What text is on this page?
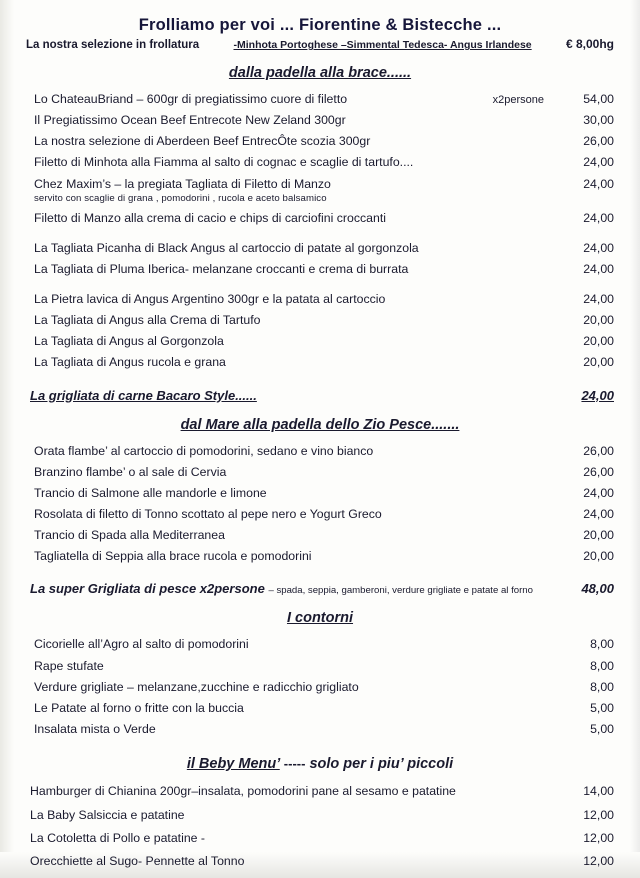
Frolliamo per voi ... Fiorentine & Bistecche ...
La nostra selezione in frollatura	-Minhota Portoghese –Simmental Tedesca- Angus Irlandese	€ 8,00hg
dalla padella alla brace......
Lo ChateauBriand – 600gr di pregiatissimo cuore di filetto	x2persone	54,00
Il Pregiatissimo Ocean Beef Entrecote New Zeland 300gr	30,00
La nostra selezione di Aberdeen Beef EntrecÔte scozia 300gr	26,00
Filetto di Minhota alla Fiamma al salto di cognac e scaglie di tartufo....	24,00
Chez Maxim’s – la pregiata Tagliata di Filetto di Manzo	24,00
servito con scaglie di grana , pomodorini , rucola e aceto balsamico
Filetto di Manzo alla crema di cacio e chips di carciofini croccanti	24,00
La Tagliata Picanha di Black Angus al cartoccio di patate al gorgonzola	24,00
La Tagliata di Pluma Iberica- melanzane croccanti e crema di burrata	24,00
La Pietra lavica di Angus Argentino 300gr e la patata al cartoccio	24,00
La Tagliata di Angus alla Crema di Tartufo	20,00
La Tagliata di Angus al Gorgonzola	20,00
La Tagliata di Angus rucola e grana	20,00
La grigliata di carne Bacaro Style......	24,00
dal Mare alla padella dello Zio Pesce.......
Orata flambe’ al cartoccio di pomodorini, sedano e vino bianco	26,00
Branzino flambe’ o al sale di Cervia	26,00
Trancio di Salmone alle mandorle e limone	24,00
Rosolata di filetto di Tonno scottato al pepe nero e Yogurt Greco	24,00
Trancio di Spada alla Mediterranea	20,00
Tagliatella di Seppia alla brace rucola e pomodorini	20,00
La super Grigliata di pesce x2persone – spada, seppia, gamberoni, verdure grigliate e patate al forno	48,00
I contorni
Cicorielle all’Agro al salto di pomodorini	8,00
Rape stufate	8,00
Verdure grigliate – melanzane,zucchine e radicchio grigliato	8,00
Le Patate al forno o fritte con la buccia	5,00
Insalata mista o Verde	5,00
il Beby Menu’ ----- solo per i piu’ piccoli
Hamburger di Chianina 200gr–insalata, pomodorini pane al sesamo e patatine	14,00
La Baby Salsiccia e patatine	12,00
La Cotoletta di Pollo e patatine -	12,00
Orecchiette al Sugo- Pennette al Tonno	12,00
